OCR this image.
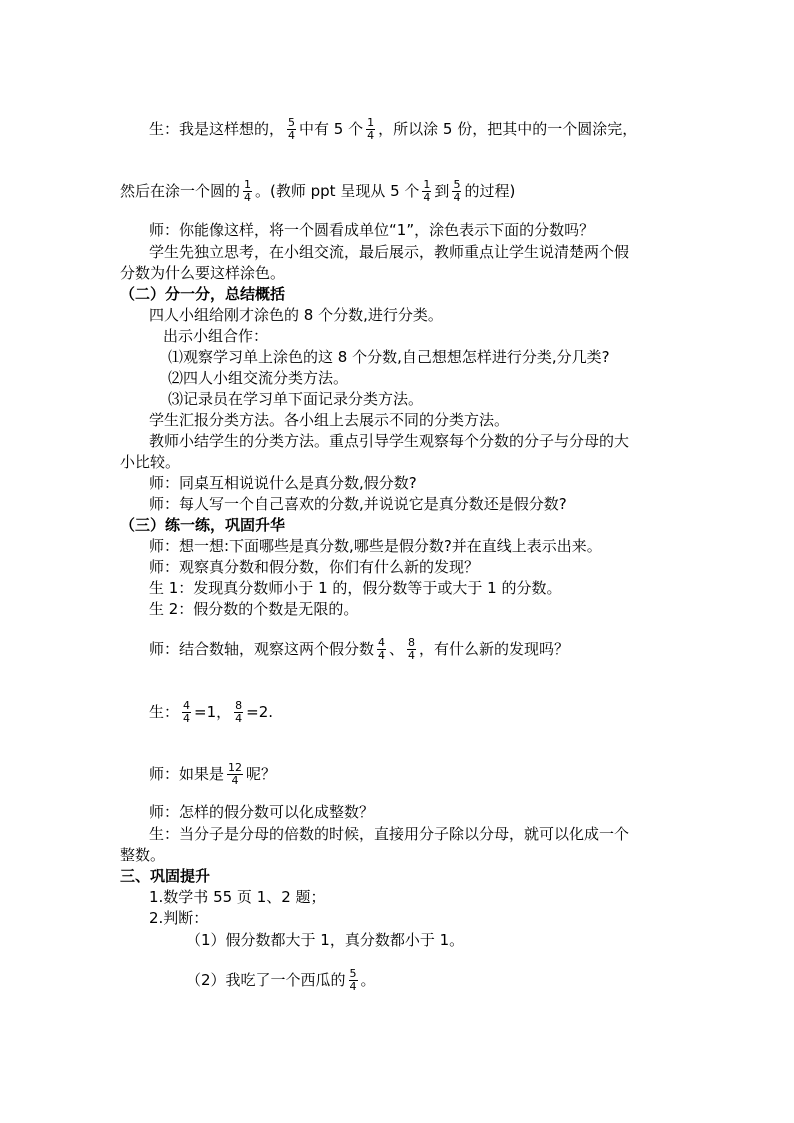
生：我是这样想的， $\frac{5}{4}$ 中有 5 个 $\frac{1}{4}$ ，所以涂 5 份，把其中的一个圆涂完，
然后在涂一个圆的 $\frac{1}{4}$ 。(教师 ppt 呈现从 5 个 $\frac{1}{4}$ 到 $\frac{5}{4}$ 的过程)
师：你能像这样，将一个圆看成单位“1”，涂色表示下面的分数吗？
学生先独立思考，在小组交流，最后展示，教师重点让学生说清楚两个假
分数为什么要这样涂色。
（二）分一分，总结概括
四人小组给刚才涂色的 8 个分数,进行分类。
出示小组合作：
⑴观察学习单上涂色的这 8 个分数,自己想想怎样进行分类,分几类?
⑵四人小组交流分类方法。
⑶记录员在学习单下面记录分类方法。
学生汇报分类方法。各小组上去展示不同的分类方法。
教师小结学生的分类方法。重点引导学生观察每个分数的分子与分母的大
小比较。
师：同桌互相说说什么是真分数,假分数?
师：每人写一个自己喜欢的分数,并说说它是真分数还是假分数?
（三）练一练，巩固升华
师：想一想:下面哪些是真分数,哪些是假分数?并在直线上表示出来。
师：观察真分数和假分数，你们有什么新的发现？
生 1：发现真分数师小于 1 的，假分数等于或大于 1 的分数。
生 2：假分数的个数是无限的。
师：结合数轴，观察这两个假分数 $\frac{4}{4}$ 、 $\frac{8}{4}$ ，有什么新的发现吗？
生： $\frac{4}{4} =1$， $\frac{8}{4} =2$.
师：如果是 $\frac{12}{4}$ 呢？
师：怎样的假分数可以化成整数？
生：当分子是分母的倍数的时候，直接用分子除以分母，就可以化成一个
整数。
三、巩固提升
1.数学书 55 页 1、2 题；
2.判断：
（1）假分数都大于 1，真分数都小于 1。
（2）我吃了一个西瓜的 $\frac{5}{4}$ 。
